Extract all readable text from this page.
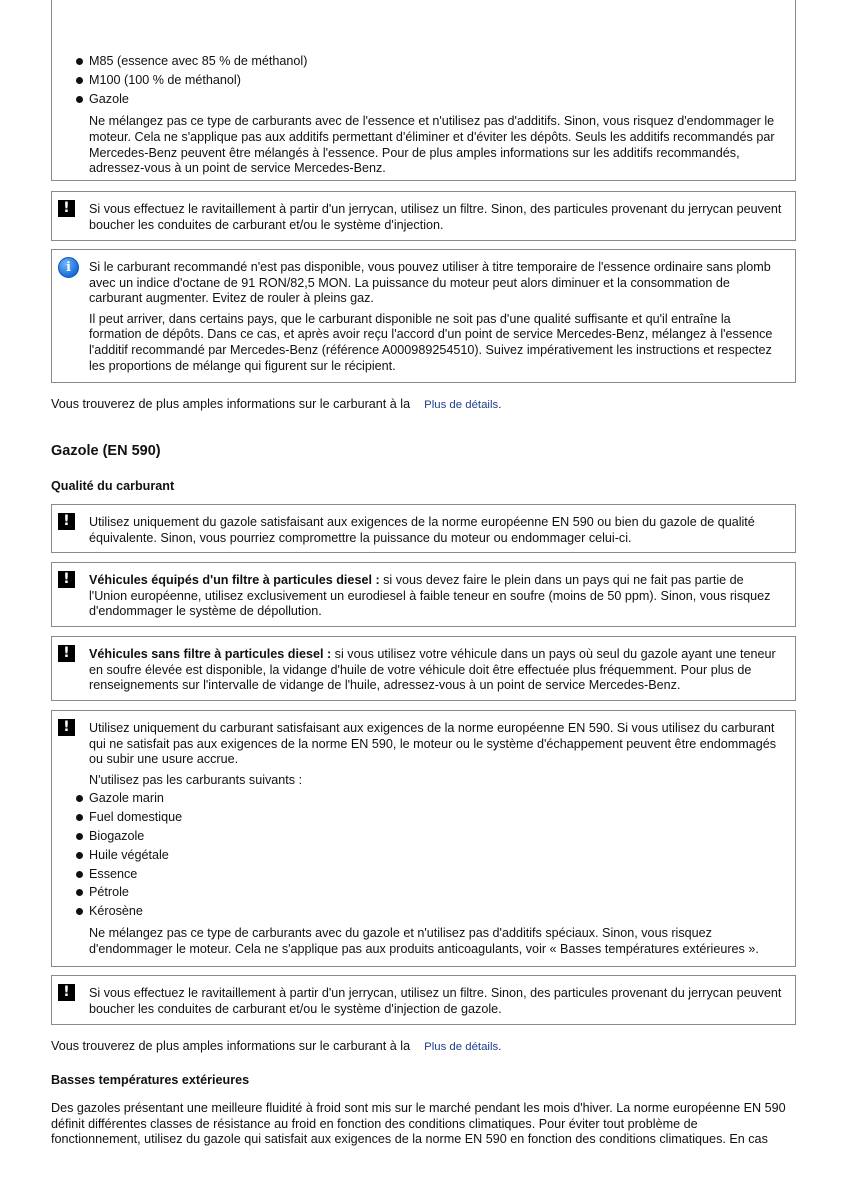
M85 (essence avec 85 % de méthanol)
M100 (100 % de méthanol)
Gazole

Ne mélangez pas ce type de carburants avec de l'essence et n'utilisez pas d'additifs. Sinon, vous risquez d'endommager le moteur. Cela ne s'applique pas aux additifs permettant d'éliminer et d'éviter les dépôts. Seuls les additifs recommandés par Mercedes-Benz peuvent être mélangés à l'essence. Pour de plus amples informations sur les additifs recommandés, adressez-vous à un point de service Mercedes-Benz.

!	Si vous effectuez le ravitaillement à partir d'un jerrycan, utilisez un filtre. Sinon, des particules provenant du jerrycan peuvent boucher les conduites de carburant et/ou le système d'injection.

i	Si le carburant recommandé n'est pas disponible, vous pouvez utiliser à titre temporaire de l'essence ordinaire sans plomb avec un indice d'octane de 91 RON/82,5 MON. La puissance du moteur peut alors diminuer et la consommation de carburant augmenter. Evitez de rouler à pleins gaz.

Il peut arriver, dans certains pays, que le carburant disponible ne soit pas d'une qualité suffisante et qu'il entraîne la formation de dépôts. Dans ce cas, et après avoir reçu l'accord d'un point de service Mercedes-Benz, mélangez à l'essence l'additif recommandé par Mercedes-Benz (référence A000989254510). Suivez impérativement les instructions et respectez les proportions de mélange qui figurent sur le récipient.

Vous trouverez de plus amples informations sur le carburant à la Plus de détails.
Gazole (EN 590)
Qualité du carburant
!	Utilisez uniquement du gazole satisfaisant aux exigences de la norme européenne EN 590 ou bien du gazole de qualité équivalente. Sinon, vous pourriez compromettre la puissance du moteur ou endommager celui-ci.

!	Véhicules équipés d'un filtre à particules diesel : si vous devez faire le plein dans un pays qui ne fait pas partie de l'Union européenne, utilisez exclusivement un eurodiesel à faible teneur en soufre (moins de 50 ppm). Sinon, vous risquez d'endommager le système de dépollution.

!	Véhicules sans filtre à particules diesel : si vous utilisez votre véhicule dans un pays où seul du gazole ayant une teneur en soufre élevée est disponible, la vidange d'huile de votre véhicule doit être effectuée plus fréquemment. Pour plus de renseignements sur l'intervalle de vidange de l'huile, adressez-vous à un point de service Mercedes-Benz.

!	Utilisez uniquement du carburant satisfaisant aux exigences de la norme européenne EN 590. Si vous utilisez du carburant qui ne satisfait pas aux exigences de la norme EN 590, le moteur ou le système d'échappement peuvent être endommagés ou subir une usure accrue.

N'utilisez pas les carburants suivants :

Gazole marin
Fuel domestique
Biogazole
Huile végétale
Essence
Pétrole
Kérosène

Ne mélangez pas ce type de carburants avec du gazole et n'utilisez pas d'additifs spéciaux. Sinon, vous risquez d'endommager le moteur. Cela ne s'applique pas aux produits anticoagulants, voir « Basses températures extérieures ».

!	Si vous effectuez le ravitaillement à partir d'un jerrycan, utilisez un filtre. Sinon, des particules provenant du jerrycan peuvent boucher les conduites de carburant et/ou le système d'injection de gazole.

Vous trouverez de plus amples informations sur le carburant à la Plus de détails.
Basses températures extérieures
Des gazoles présentant une meilleure fluidité à froid sont mis sur le marché pendant les mois d'hiver. La norme européenne EN 590 définit différentes classes de résistance au froid en fonction des conditions climatiques. Pour éviter tout problème de fonctionnement, utilisez du gazole qui satisfait aux exigences de la norme EN 590 en fonction des conditions climatiques. En cas
